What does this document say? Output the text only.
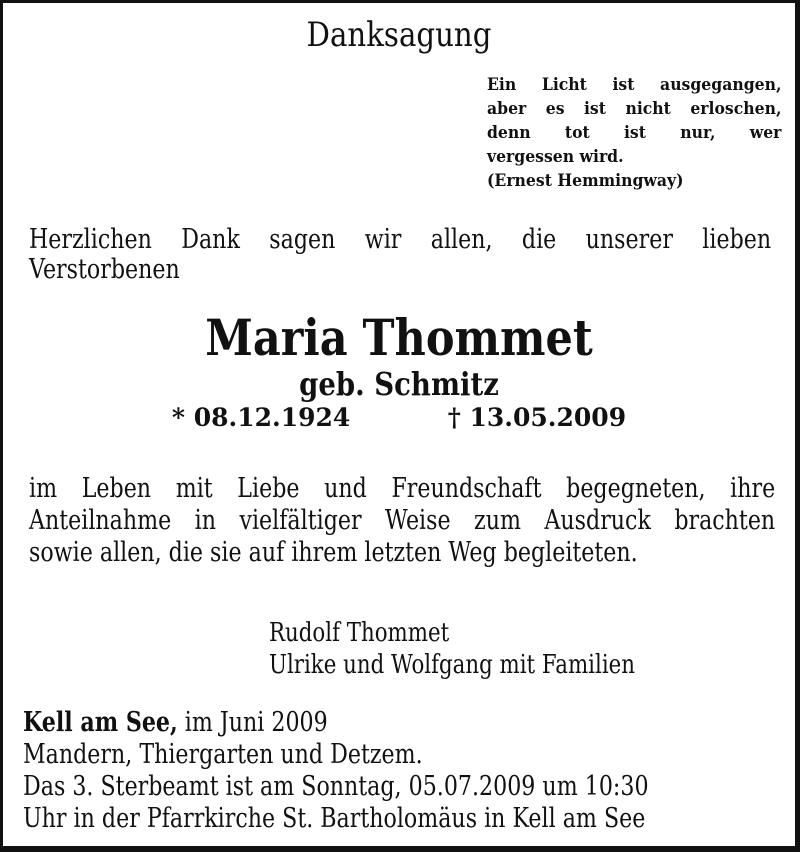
Danksagung
Ein Licht ist ausgegangen,
aber es ist nicht erloschen,
denn tot ist nur, wer
vergessen wird.
(Ernest Hemmingway)
Herzlichen Dank sagen wir allen, die unserer lieben
Verstorbenen
Maria Thommet
geb. Schmitz
* 08.12.1924	† 13.05.2009
im Leben mit Liebe und Freundschaft begegneten, ihre
Anteilnahme in vielfältiger Weise zum Ausdruck brachten
sowie allen, die sie auf ihrem letzten Weg begleiteten.
Rudolf Thommet
Ulrike und Wolfgang mit Familien
Kell am See, im Juni 2009
Mandern, Thiergarten und Detzem.
Das 3. Sterbeamt ist am Sonntag, 05.07.2009 um 10:30
Uhr in der Pfarrkirche St. Bartholomäus in Kell am See
